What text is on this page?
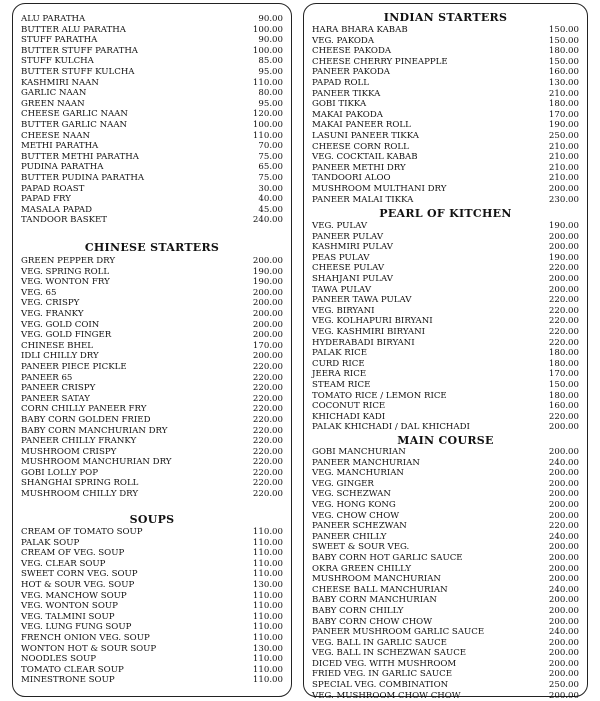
ALU PARATHA	90.00
BUTTER ALU PARATHA	100.00
STUFF PARATHA	90.00
BUTTER STUFF PARATHA	100.00
STUFF KULCHA	85.00
BUTTER STUFF KULCHA	95.00
KASHMIRI NAAN	110.00
GARLIC NAAN	80.00
GREEN NAAN	95.00
CHEESE GARLIC NAAN	120.00
BUTTER GARLIC NAAN	100.00
CHEESE NAAN	110.00
METHI PARATHA	70.00
BUTTER METHI PARATHA	75.00
PUDINA PARATHA	65.00
BUTTER PUDINA PARATHA	75.00
PAPAD ROAST	30.00
PAPAD FRY	40.00
MASALA PAPAD	45.00
TANDOOR BASKET	240.00
CHINESE STARTERS
GREEN PEPPER DRY	200.00
VEG. SPRING ROLL	190.00
VEG. WONTON FRY	190.00
VEG. 65	200.00
VEG. CRISPY	200.00
VEG. FRANKY	200.00
VEG. GOLD COIN	200.00
VEG. GOLD FINGER	200.00
CHINESE BHEL	170.00
IDLI CHILLY DRY	200.00
PANEER PIECE PICKLE	220.00
PANEER 65	220.00
PANEER CRISPY	220.00
PANEER SATAY	220.00
CORN CHILLY PANEER FRY	220.00
BABY CORN GOLDEN FRIED	220.00
BABY CORN MANCHURIAN DRY	220.00
PANEER CHILLY FRANKY	220.00
MUSHROOM CRISPY	220.00
MUSHROOM MANCHURIAN DRY	220.00
GOBI LOLLY POP	220.00
SHANGHAI SPRING ROLL	220.00
MUSHROOM CHILLY DRY	220.00
SOUPS
CREAM OF TOMATO SOUP	110.00
PALAK SOUP	110.00
CREAM OF VEG. SOUP	110.00
VEG. CLEAR SOUP	110.00
SWEET CORN VEG. SOUP	110.00
HOT & SOUR VEG. SOUP	130.00
VEG. MANCHOW SOUP	110.00
VEG. WONTON SOUP	110.00
VEG. TALMINI SOUP	110.00
VEG. LUNG FUNG SOUP	110.00
FRENCH ONION VEG. SOUP	110.00
WONTON HOT & SOUR SOUP	130.00
NOODLES SOUP	110.00
TOMATO CLEAR SOUP	110.00
MINESTRONE SOUP	110.00
INDIAN STARTERS
HARA BHARA KABAB	150.00
VEG. PAKODA	150.00
CHEESE PAKODA	180.00
CHEESE CHERRY PINEAPPLE	150.00
PANEER PAKODA	160.00
PAPAD ROLL	130.00
PANEER TIKKA	210.00
GOBI TIKKA	180.00
MAKAI PAKODA	170.00
MAKAI PANEER ROLL	190.00
LASUNI PANEER TIKKA	250.00
CHEESE CORN ROLL	210.00
VEG. COCKTAIL KABAB	210.00
PANEER METHI DRY	210.00
TANDOORI ALOO	210.00
MUSHROOM MULTHANI DRY	200.00
PANEER MALAI TIKKA	230.00
PEARL OF KITCHEN
VEG. PULAV	190.00
PANEER PULAV	200.00
KASHMIRI PULAV	200.00
PEAS PULAV	190.00
CHEESE PULAV	220.00
SHAHJANI PULAV	200.00
TAWA PULAV	200.00
PANEER TAWA PULAV	220.00
VEG. BIRYANI	220.00
VEG. KOLHAPURI BIRYANI	220.00
VEG. KASHMIRI BIRYANI	220.00
HYDERABADI BIRYANI	220.00
PALAK RICE	180.00
CURD RICE	180.00
JEERA RICE	170.00
STEAM RICE	150.00
TOMATO RICE / LEMON RICE	180.00
COCONUT RICE	160.00
KHICHADI KADI	220.00
PALAK KHICHADI / DAL KHICHADI	200.00
MAIN COURSE
GOBI MANCHURIAN	200.00
PANEER MANCHURIAN	240.00
VEG. MANCHURIAN	200.00
VEG. GINGER	200.00
VEG. SCHEZWAN	200.00
VEG. HONG KONG	200.00
VEG. CHOW CHOW	200.00
PANEER SCHEZWAN	220.00
PANEER CHILLY	240.00
SWEET & SOUR VEG.	200.00
BABY CORN HOT GARLIC SAUCE	200.00
OKRA GREEN CHILLY	200.00
MUSHROOM MANCHURIAN	200.00
CHEESE BALL MANCHURIAN	240.00
BABY CORN MANCHURIAN	200.00
BABY CORN CHILLY	200.00
BABY CORN CHOW CHOW	200.00
PANEER MUSHROOM GARLIC SAUCE	240.00
VEG. BALL IN GARLIC SAUCE	200.00
VEG. BALL IN SCHEZWAN SAUCE	200.00
DICED VEG. WITH MUSHROOM	200.00
FRIED VEG. IN GARLIC SAUCE	200.00
SPECIAL VEG. COMBINATION	250.00
VEG. MUSHROOM CHOW CHOW	200.00
